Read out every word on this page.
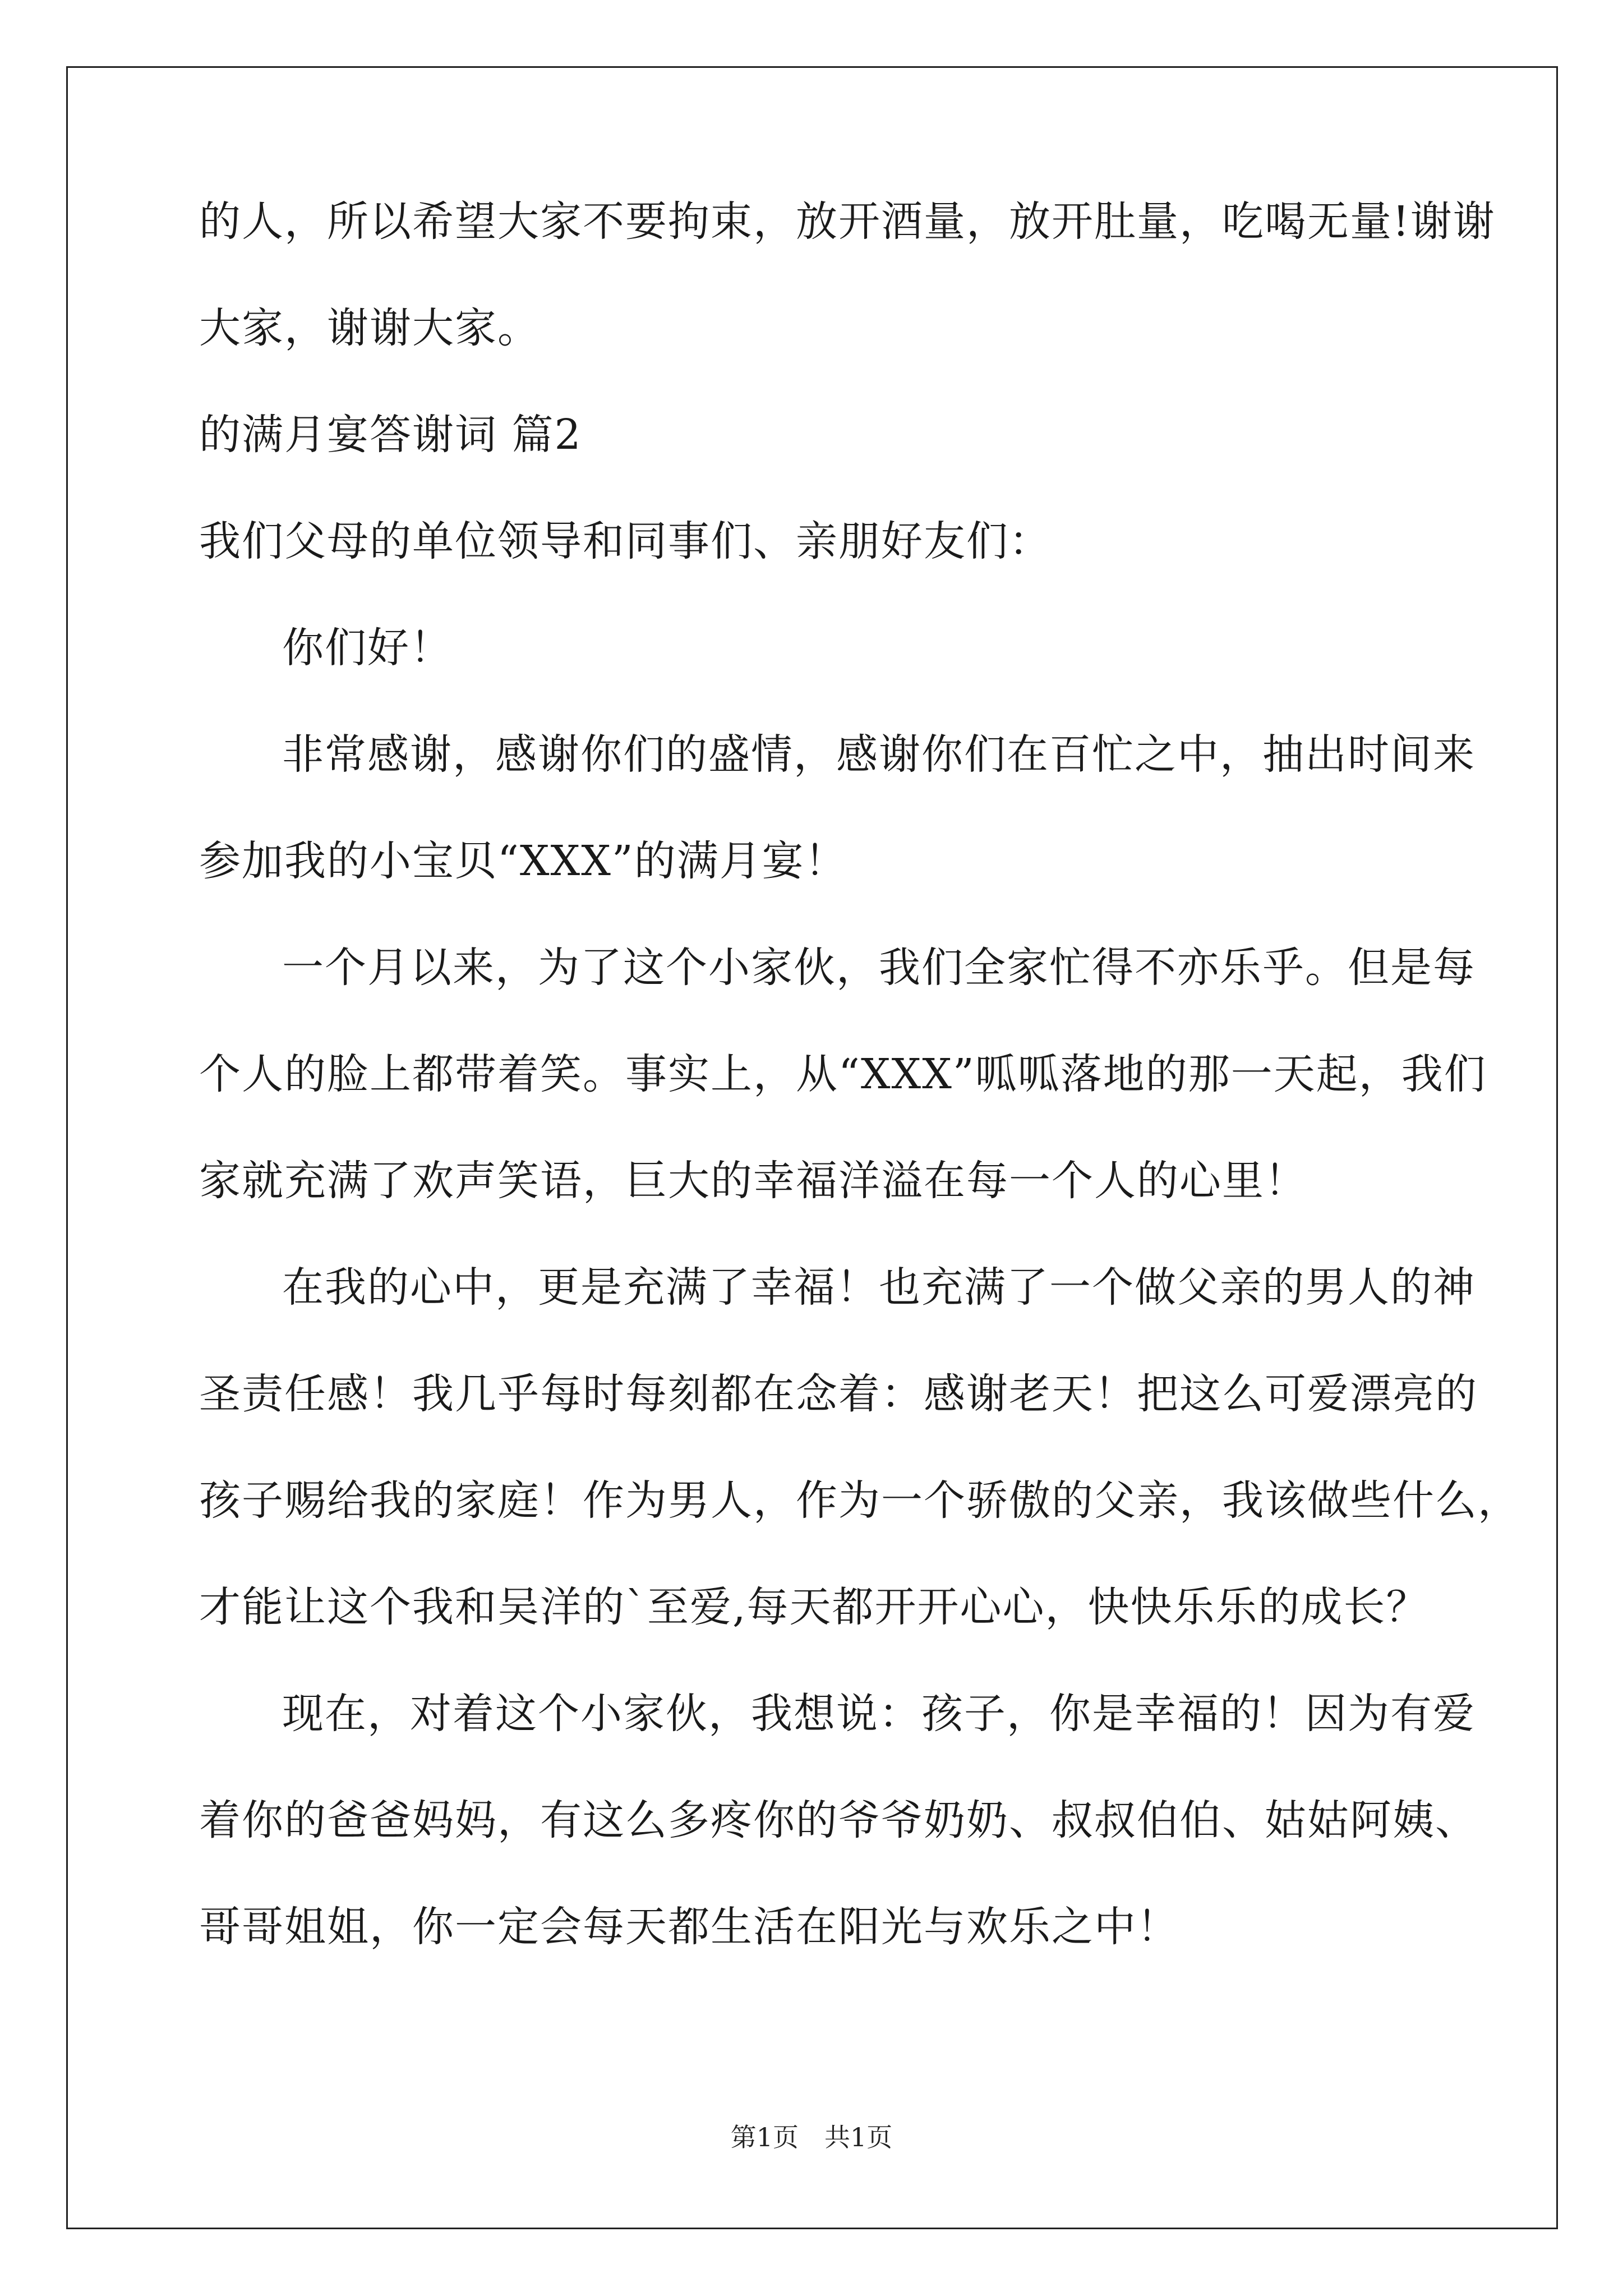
的人，所以希望大家不要拘束，放开酒量，放开肚量，吃喝无量!谢谢
大家，谢谢大家。
的满月宴答谢词 篇2
我们父母的单位领导和同事们、亲朋好友们：
你们好！
非常感谢，感谢你们的盛情，感谢你们在百忙之中，抽出时间来
参加我的小宝贝“XXX”的满月宴！
一个月以来，为了这个小家伙，我们全家忙得不亦乐乎。但是每
个人的脸上都带着笑。事实上，从“XXX”呱呱落地的那一天起，我们
家就充满了欢声笑语，巨大的幸福洋溢在每一个人的心里！
在我的心中，更是充满了幸福！也充满了一个做父亲的男人的神
圣责任感！我几乎每时每刻都在念着：感谢老天！把这么可爱漂亮的
孩子赐给我的家庭！作为男人，作为一个骄傲的父亲，我该做些什么，
才能让这个我和吴洋的`至爱,每天都开开心心，快快乐乐的成长？
现在，对着这个小家伙，我想说：孩子，你是幸福的！因为有爱
着你的爸爸妈妈，有这么多疼你的爷爷奶奶、叔叔伯伯、姑姑阿姨、
哥哥姐姐，你一定会每天都生活在阳光与欢乐之中！
第1页　共1页
